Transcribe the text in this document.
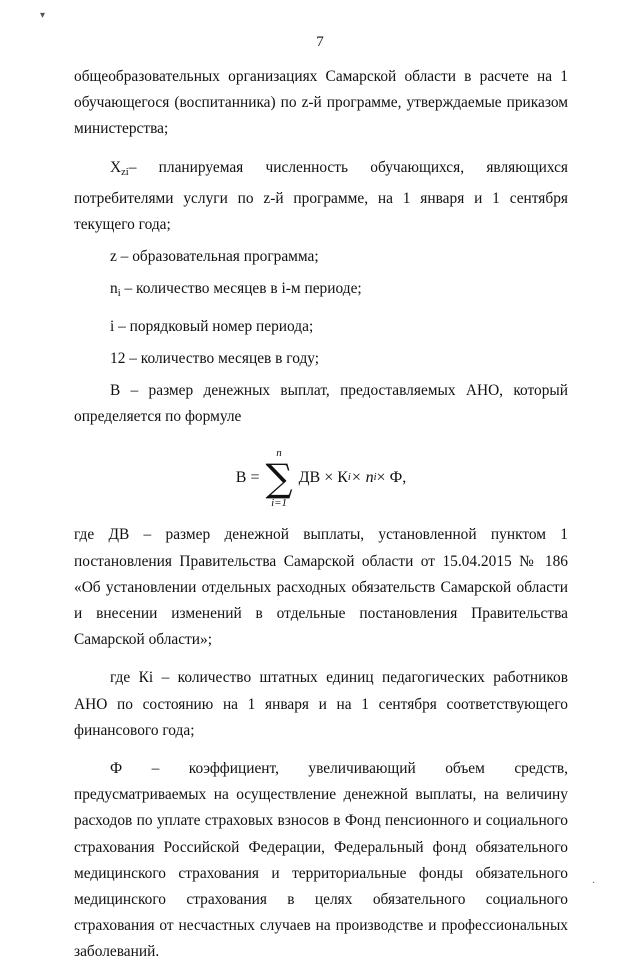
▾
7

общеобразовательных организациях Самарской области в расчете на 1 обучающегося (воспитанника) по z-й программе, утверждаемые приказом министерства;

$X_{zi}-$ планируемая численность обучающихся, являющихся потребителями услуги по z-й программе, на 1 января и 1 сентября текущего года;

z – образовательная программа;

$n_i$ – количество месяцев в i-м периоде;

i – порядковый номер периода;

12 – количество месяцев в году;

В – размер денежных выплат, предоставляемых АНО, который определяется по формуле

В =
n
∑
i=1
ДВ × К i × n i × Ф,

где ДВ – размер денежной выплаты, установленной пунктом 1 постановления Правительства Самарской области от 15.04.2015 № 186 «Об установлении отдельных расходных обязательств Самарской области и внесении изменений в отдельные постановления Правительства Самарской области»;

где Кi – количество штатных единиц педагогических работников АНО по состоянию на 1 января и на 1 сентября соответствующего финансового года;

Ф – коэффициент, увеличивающий объем средств, предусматриваемых на осуществление денежной выплаты, на величину расходов по уплате страховых взносов в Фонд пенсионного и социального страхования Российской Федерации, Федеральный фонд обязательного медицинского страхования и территориальные фонды обязательного медицинского страхования в целях обязательного социального страхования от несчастных случаев на производстве и профессиональных заболеваний.

·
